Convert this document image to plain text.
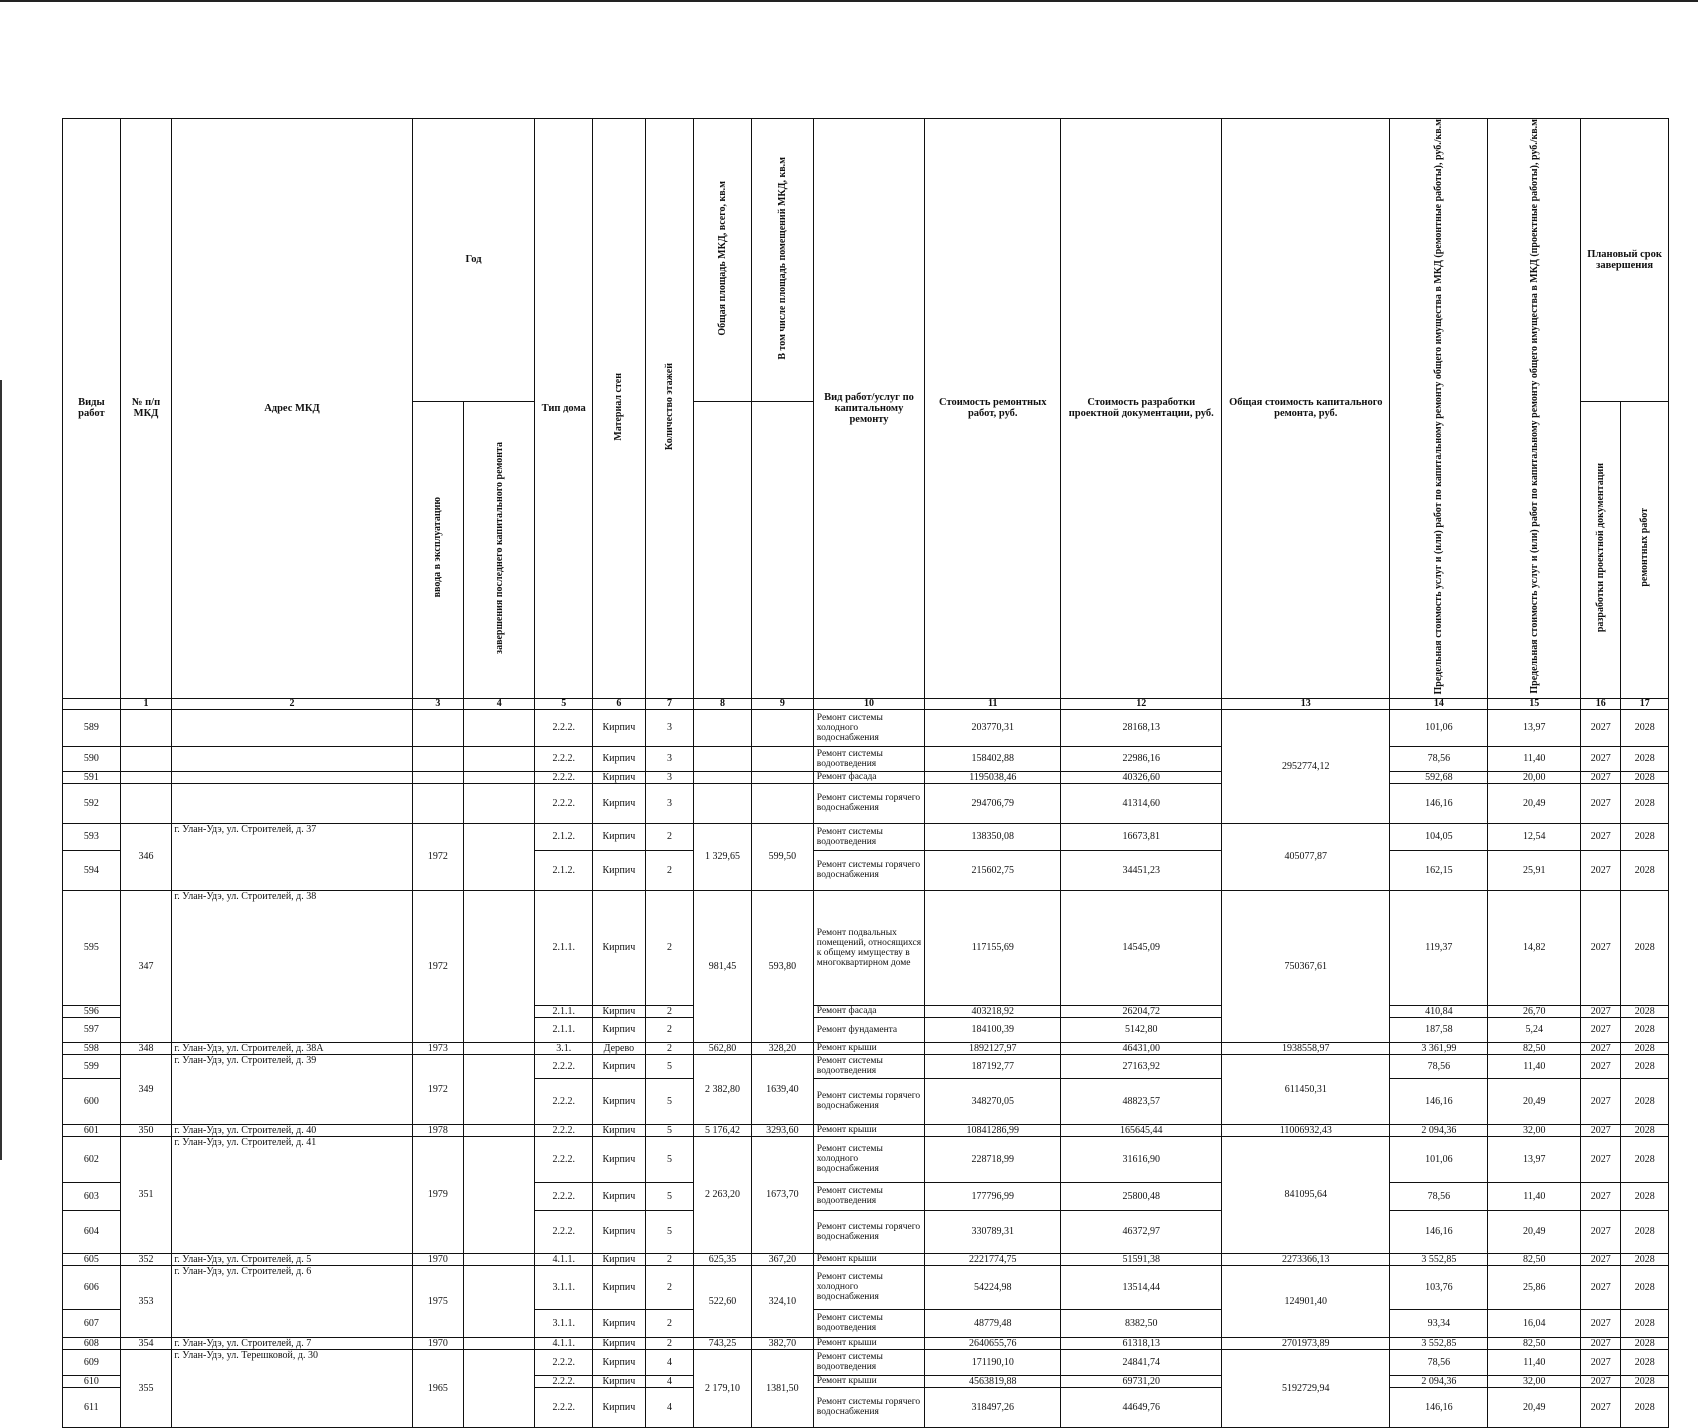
Виды работ	№ п/п МКД	Адрес МКД	Год		Тип дома	Материал стен	Количество этажей	Общая площадь МКД, всего, кв.м	В том числе площадь помещений МКД, кв.м	Вид работ/услуг по капитальному ремонту	Стоимость ремонтных работ, руб.	Стоимость разработки проектной документации, руб.	Общая стоимость капитального ремонта, руб.	Предельная стоимость услуг и (или) работ по капитальному ремонту общего имущества в МКД (ремонтные работы), руб./кв.м	Предельная стоимость услуг и (или) работ по капитальному ремонту общего имущества в МКД (проектные работы), руб./кв.м	Плановый срок завершения	
			ввода в эксплуатацию	завершения последнего капитального ремонта												разработки проектной документации	ремонтных работ
	1	2	3	4	5	6	7	8	9	10	11	12	13	14	15	16	17
589					2.2.2.	Кирпич	3			Ремонт системы холодного водоснабжения	203770,31	28168,13	2952774,12	101,06	13,97	2027	2028
590					2.2.2.	Кирпич	3			Ремонт системы водоотведения	158402,88	22986,16		78,56	11,40	2027	2028
591					2.2.2.	Кирпич	3			Ремонт фасада	1195038,46	40326,60		592,68	20,00	2027	2028
592					2.2.2.	Кирпич	3			Ремонт системы горячего водоснабжения	294706,79	41314,60		146,16	20,49	2027	2028
593	346	г. Улан-Удэ, ул. Строителей, д. 37	1972		2.1.2.	Кирпич	2	1 329,65	599,50	Ремонт системы водоотведения	138350,08	16673,81	405077,87	104,05	12,54	2027	2028
594					2.1.2.	Кирпич	2			Ремонт системы горячего водоснабжения	215602,75	34451,23		162,15	25,91	2027	2028
595	347	г. Улан-Удэ, ул. Строителей, д. 38	1972		2.1.1.	Кирпич	2	981,45	593,80	Ремонт подвальных помещений, относящихся к общему имуществу в многоквартирном доме	117155,69	14545,09	750367,61	119,37	14,82	2027	2028
596					2.1.1.	Кирпич	2			Ремонт фасада	403218,92	26204,72		410,84	26,70	2027	2028
597					2.1.1.	Кирпич	2			Ремонт фундамента	184100,39	5142,80		187,58	5,24	2027	2028
598	348	г. Улан-Удэ, ул. Строителей, д. 38А	1973		3.1.	Дерево	2	562,80	328,20	Ремонт крыши	1892127,97	46431,00	1938558,97	3 361,99	82,50	2027	2028
599	349	г. Улан-Удэ, ул. Строителей, д. 39	1972		2.2.2.	Кирпич	5	2 382,80	1639,40	Ремонт системы водоотведения	187192,77	27163,92	611450,31	78,56	11,40	2027	2028
600					2.2.2.	Кирпич	5			Ремонт системы горячего водоснабжения	348270,05	48823,57		146,16	20,49	2027	2028
601	350	г. Улан-Удэ, ул. Строителей, д. 40	1978		2.2.2.	Кирпич	5	5 176,42	3293,60	Ремонт крыши	10841286,99	165645,44	11006932,43	2 094,36	32,00	2027	2028
602	351	г. Улан-Удэ, ул. Строителей, д. 41	1979		2.2.2.	Кирпич	5	2 263,20	1673,70	Ремонт системы холодного водоснабжения	228718,99	31616,90	841095,64	101,06	13,97	2027	2028
603					2.2.2.	Кирпич	5			Ремонт системы водоотведения	177796,99	25800,48		78,56	11,40	2027	2028
604					2.2.2.	Кирпич	5			Ремонт системы горячего водоснабжения	330789,31	46372,97		146,16	20,49	2027	2028
605	352	г. Улан-Удэ, ул. Строителей, д. 5	1970		4.1.1.	Кирпич	2	625,35	367,20	Ремонт крыши	2221774,75	51591,38	2273366,13	3 552,85	82,50	2027	2028
606	353	г. Улан-Удэ, ул. Строителей, д. 6	1975		3.1.1.	Кирпич	2	522,60	324,10	Ремонт системы холодного водоснабжения	54224,98	13514,44	124901,40	103,76	25,86	2027	2028
607					3.1.1.	Кирпич	2			Ремонт системы водоотведения	48779,48	8382,50		93,34	16,04	2027	2028
608	354	г. Улан-Удэ, ул. Строителей, д. 7	1970		4.1.1.	Кирпич	2	743,25	382,70	Ремонт крыши	2640655,76	61318,13	2701973,89	3 552,85	82,50	2027	2028
609	355	г. Улан-Удэ, ул. Терешковой, д. 30	1965		2.2.2.	Кирпич	4	2 179,10	1381,50	Ремонт системы водоотведения	171190,10	24841,74	5192729,94	78,56	11,40	2027	2028
610					2.2.2.	Кирпич	4			Ремонт крыши	4563819,88	69731,20		2 094,36	32,00	2027	2028
611					2.2.2.	Кирпич	4			Ремонт системы горячего водоснабжения	318497,26	44649,76		146,16	20,49	2027	2028
